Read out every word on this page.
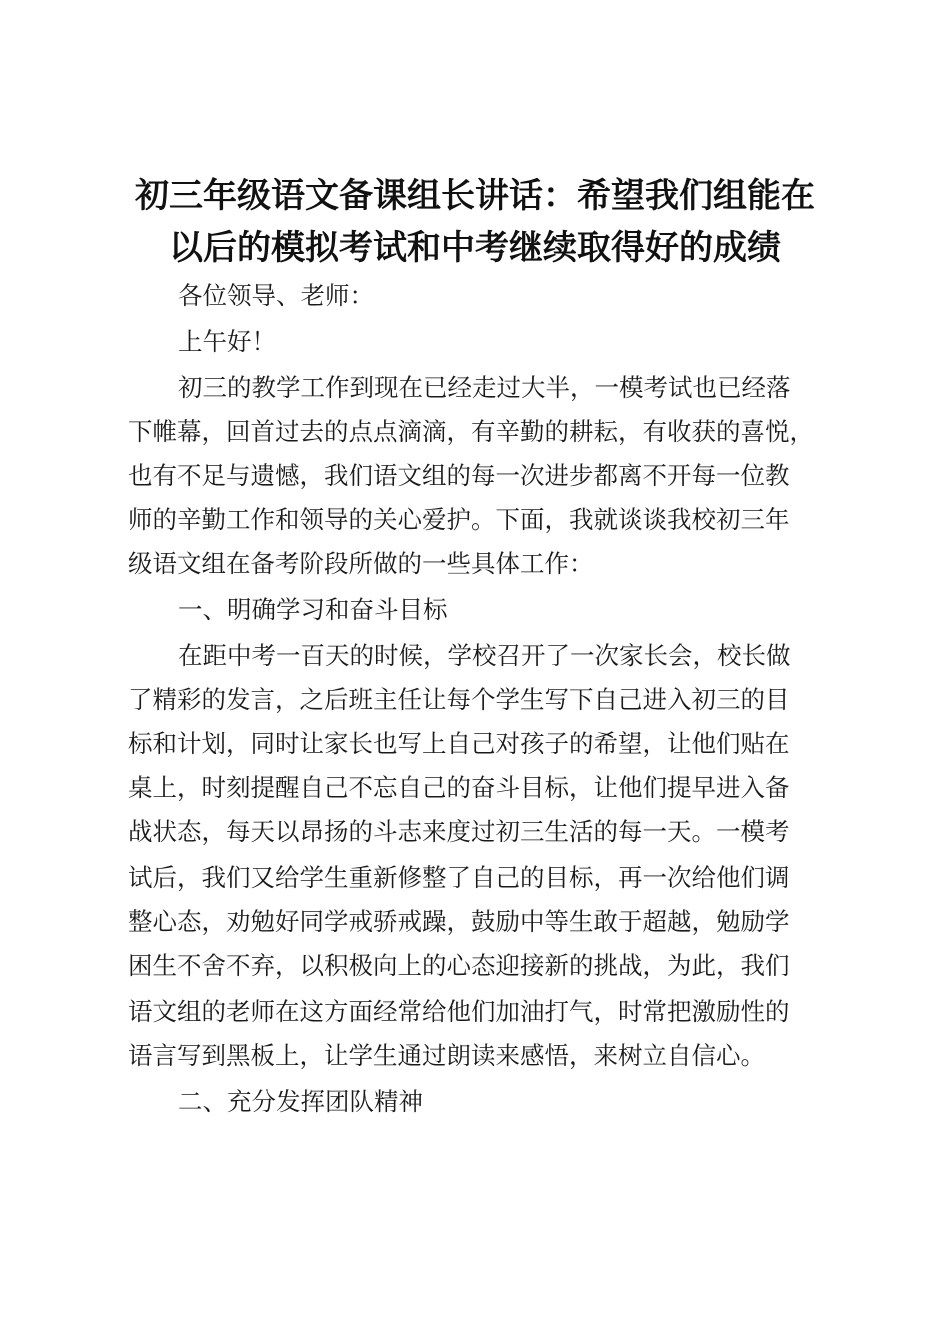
初三年级语文备课组长讲话：希望我们组能在
以后的模拟考试和中考继续取得好的成绩

各位领导、老师：

上午好！

初三的教学工作到现在已经走过大半，一模考试也已经落

下帷幕，回首过去的点点滴滴，有辛勤的耕耘，有收获的喜悦，

也有不足与遗憾，我们语文组的每一次进步都离不开每一位教

师的辛勤工作和领导的关心爱护。下面，我就谈谈我校初三年

级语文组在备考阶段所做的一些具体工作：

一、明确学习和奋斗目标

在距中考一百天的时候，学校召开了一次家长会，校长做

了精彩的发言，之后班主任让每个学生写下自己进入初三的目

标和计划，同时让家长也写上自己对孩子的希望，让他们贴在

桌上，时刻提醒自己不忘自己的奋斗目标，让他们提早进入备

战状态，每天以昂扬的斗志来度过初三生活的每一天。一模考

试后，我们又给学生重新修整了自己的目标，再一次给他们调

整心态，劝勉好同学戒骄戒躁，鼓励中等生敢于超越，勉励学

困生不舍不弃，以积极向上的心态迎接新的挑战，为此，我们

语文组的老师在这方面经常给他们加油打气，时常把激励性的

语言写到黑板上，让学生通过朗读来感悟，来树立自信心。

二、充分发挥团队精神
